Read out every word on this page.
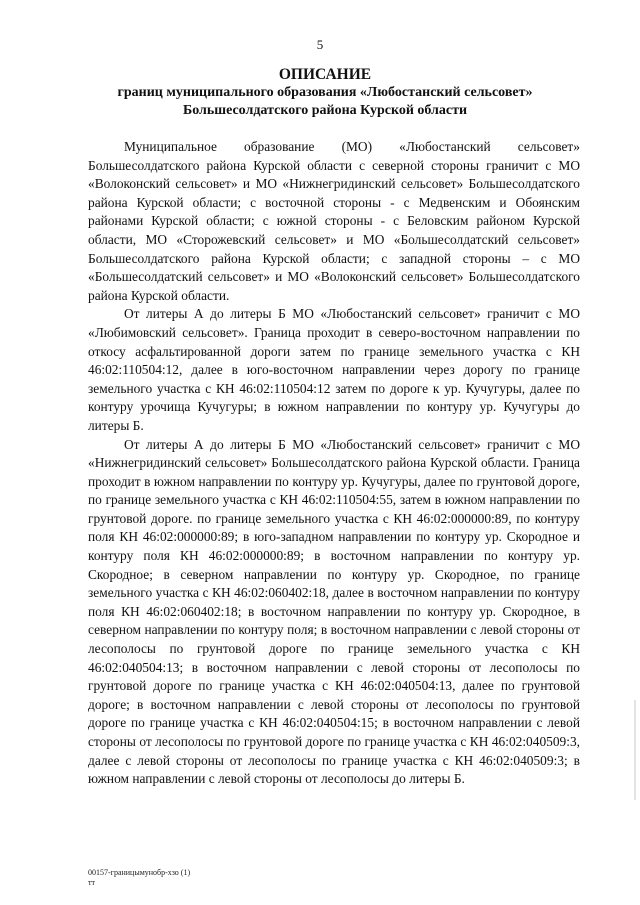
5
ОПИСАНИЕ
границ муниципального образования «Любостанский сельсовет»
Большесолдатского района Курской области

Муниципальное образование (МО) «Любостанский сельсовет» Большесолдатского района Курской области с северной стороны граничит с МО «Волоконский сельсовет» и МО «Нижнегридинский сельсовет» Большесолдатского района Курской области; с восточной стороны - с Медвенским и Обоянским районами Курской области; с южной стороны - с Беловским районом Курской области, МО «Сторожевский сельсовет» и МО «Большесолдатский сельсовет» Большесолдатского района Курской области; с западной стороны – с МО «Большесолдатский сельсовет» и МО «Волоконский сельсовет» Большесолдатского района Курской области.

От литеры А до литеры Б МО «Любостанский сельсовет» граничит с МО «Любимовский сельсовет». Граница проходит в северо-восточном направлении по откосу асфальтированной дороги затем по границе земельного участка с КН 46:02:110504:12, далее в юго-восточном направлении через дорогу по границе земельного участка с КН 46:02:110504:12 затем по дороге к ур. Кучугуры, далее по контуру урочища Кучугуры; в южном направлении по контуру ур. Кучугуры до литеры Б.

От литеры А до литеры Б МО «Любостанский сельсовет» граничит с МО «Нижнегридинский сельсовет» Большесолдатского района Курской области. Граница проходит в южном направлении по контуру ур. Кучугуры, далее по грунтовой дороге, по границе земельного участка с КН 46:02:110504:55, затем в южном направлении по грунтовой дороге. по границе земельного участка с КН 46:02:000000:89, по контуру поля КН 46:02:000000:89; в юго-западном направлении по контуру ур. Скородное и контуру поля КН 46:02:000000:89; в восточном направлении по контуру ур. Скородное; в северном направлении по контуру ур. Скородное, по границе земельного участка с КН 46:02:060402:18, далее в восточном направлении по контуру поля КН 46:02:060402:18; в восточном направлении по контуру ур. Скородное, в северном направлении по контуру поля; в восточном направлении с левой стороны от лесополосы по грунтовой дороге по границе земельного участка с КН 46:02:040504:13; в восточном направлении с левой стороны от лесополосы по грунтовой дороге по границе участка с КН 46:02:040504:13, далее по грунтовой дороге; в восточном направлении с левой стороны от лесополосы по грунтовой дороге по границе участка с КН 46:02:040504:15; в восточном направлении с левой стороны от лесополосы по грунтовой дороге по границе участка с КН 46:02:040509:3, далее с левой стороны от лесополосы по границе участка с КН 46:02:040509:3; в южном направлении с левой стороны от лесополосы до литеры Б.

00157-границымунобр-хзо (1)
тт
